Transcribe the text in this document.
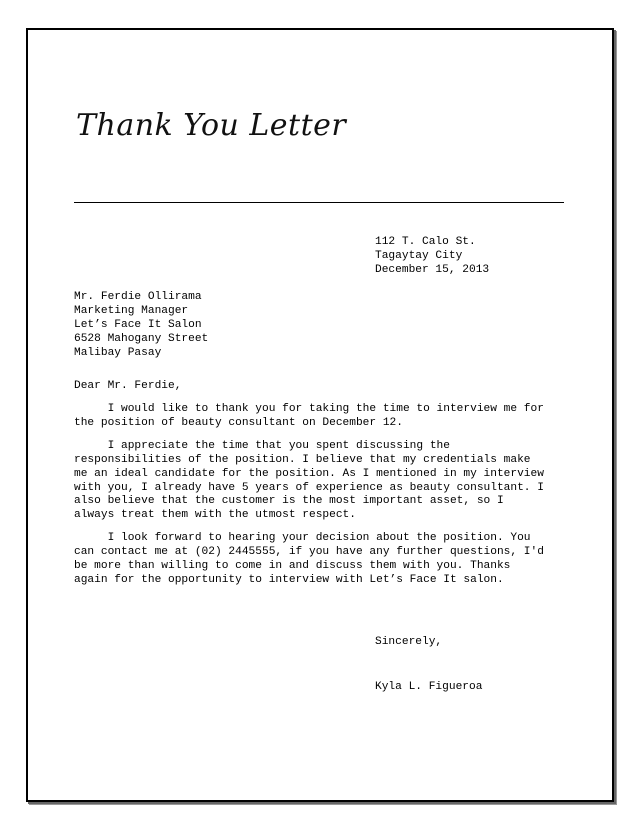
Thank You Letter
112 T. Calo St.
Tagaytay City
December 15, 2013
Mr. Ferdie Ollirama
Marketing Manager
Let’s Face It Salon
6528 Mahogany Street
Malibay Pasay
Dear Mr. Ferdie,

I would like to thank you for taking the time to interview me for
the position of beauty consultant on December 12.

I appreciate the time that you spent discussing the
responsibilities of the position. I believe that my credentials make
me an ideal candidate for the position. As I mentioned in my interview
with you, I already have 5 years of experience as beauty consultant. I
also believe that the customer is the most important asset, so I
always treat them with the utmost respect.

I look forward to hearing your decision about the position. You
can contact me at (02) 2445555, if you have any further questions, I'd
be more than willing to come in and discuss them with you. Thanks
again for the opportunity to interview with Let’s Face It salon.

Sincerely,
Kyla L. Figueroa
